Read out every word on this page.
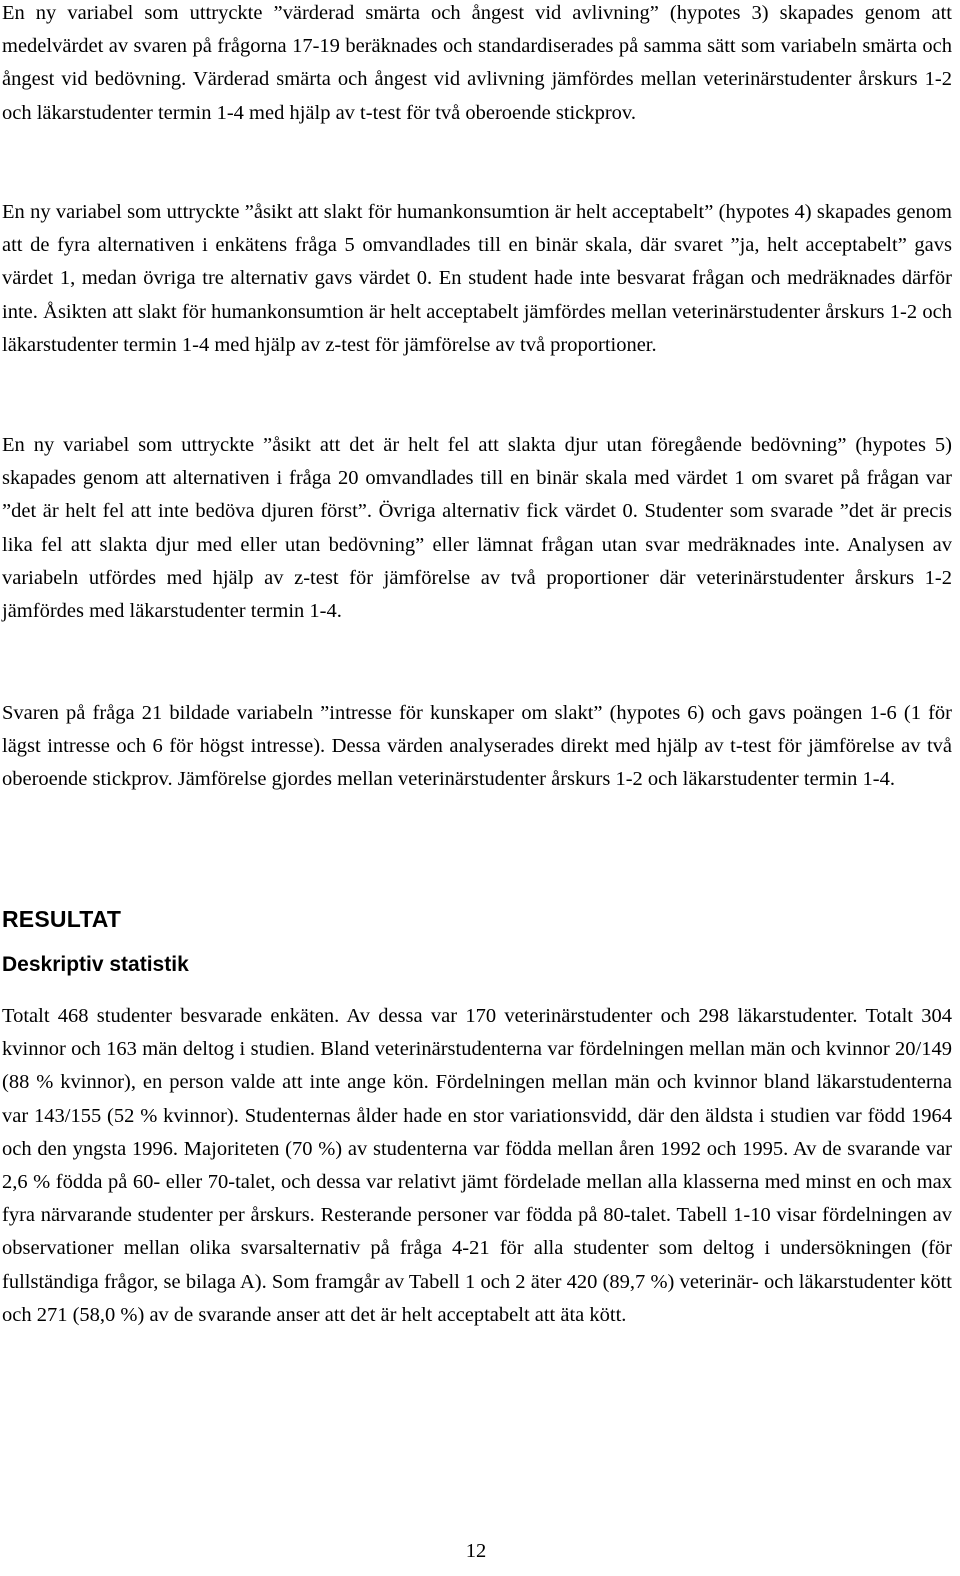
En ny variabel som uttryckte ”värderad smärta och ångest vid avlivning” (hypotes 3) skapades genom att medelvärdet av svaren på frågorna 17-19 beräknades och standardiserades på samma sätt som variabeln smärta och ångest vid bedövning. Värderad smärta och ångest vid avlivning jämfördes mellan veterinärstudenter årskurs 1-2 och läkarstudenter termin 1-4 med hjälp av t-test för två oberoende stickprov.

En ny variabel som uttryckte ”åsikt att slakt för humankonsumtion är helt acceptabelt” (hypotes 4) skapades genom att de fyra alternativen i enkätens fråga 5 omvandlades till en binär skala, där svaret ”ja, helt acceptabelt” gavs värdet 1, medan övriga tre alternativ gavs värdet 0. En student hade inte besvarat frågan och medräknades därför inte. Åsikten att slakt för humankonsumtion är helt acceptabelt jämfördes mellan veterinärstudenter årskurs 1-2 och läkarstudenter termin 1-4 med hjälp av z-test för jämförelse av två proportioner.

En ny variabel som uttryckte ”åsikt att det är helt fel att slakta djur utan föregående bedövning” (hypotes 5) skapades genom att alternativen i fråga 20 omvandlades till en binär skala med värdet 1 om svaret på frågan var ”det är helt fel att inte bedöva djuren först”. Övriga alternativ fick värdet 0. Studenter som svarade ”det är precis lika fel att slakta djur med eller utan bedövning” eller lämnat frågan utan svar medräknades inte. Analysen av variabeln utfördes med hjälp av z-test för jämförelse av två proportioner där veterinärstudenter årskurs 1-2 jämfördes med läkarstudenter termin 1-4.

Svaren på fråga 21 bildade variabeln ”intresse för kunskaper om slakt” (hypotes 6) och gavs poängen 1-6 (1 för lägst intresse och 6 för högst intresse). Dessa värden analyserades direkt med hjälp av t-test för jämförelse av två oberoende stickprov. Jämförelse gjordes mellan veterinärstudenter årskurs 1-2 och läkarstudenter termin 1-4.

RESULTAT
Deskriptiv statistik

Totalt 468 studenter besvarade enkäten. Av dessa var 170 veterinärstudenter och 298 läkarstudenter. Totalt 304 kvinnor och 163 män deltog i studien. Bland veterinärstudenterna var fördelningen mellan män och kvinnor 20/149 (88 % kvinnor), en person valde att inte ange kön. Fördelningen mellan män och kvinnor bland läkarstudenterna var 143/155 (52 % kvinnor). Studenternas ålder hade en stor variationsvidd, där den äldsta i studien var född 1964 och den yngsta 1996. Majoriteten (70 %) av studenterna var födda mellan åren 1992 och 1995. Av de svarande var 2,6 % födda på 60- eller 70-talet, och dessa var relativt jämt fördelade mellan alla klasserna med minst en och max fyra närvarande studenter per årskurs. Resterande personer var födda på 80-talet. Tabell 1-10 visar fördelningen av observationer mellan olika svarsalternativ på fråga 4-21 för alla studenter som deltog i undersökningen (för fullständiga frågor, se bilaga A). Som framgår av Tabell 1 och 2 äter 420 (89,7 %) veterinär- och läkarstudenter kött och 271 (58,0 %) av de svarande anser att det är helt acceptabelt att äta kött.

12
